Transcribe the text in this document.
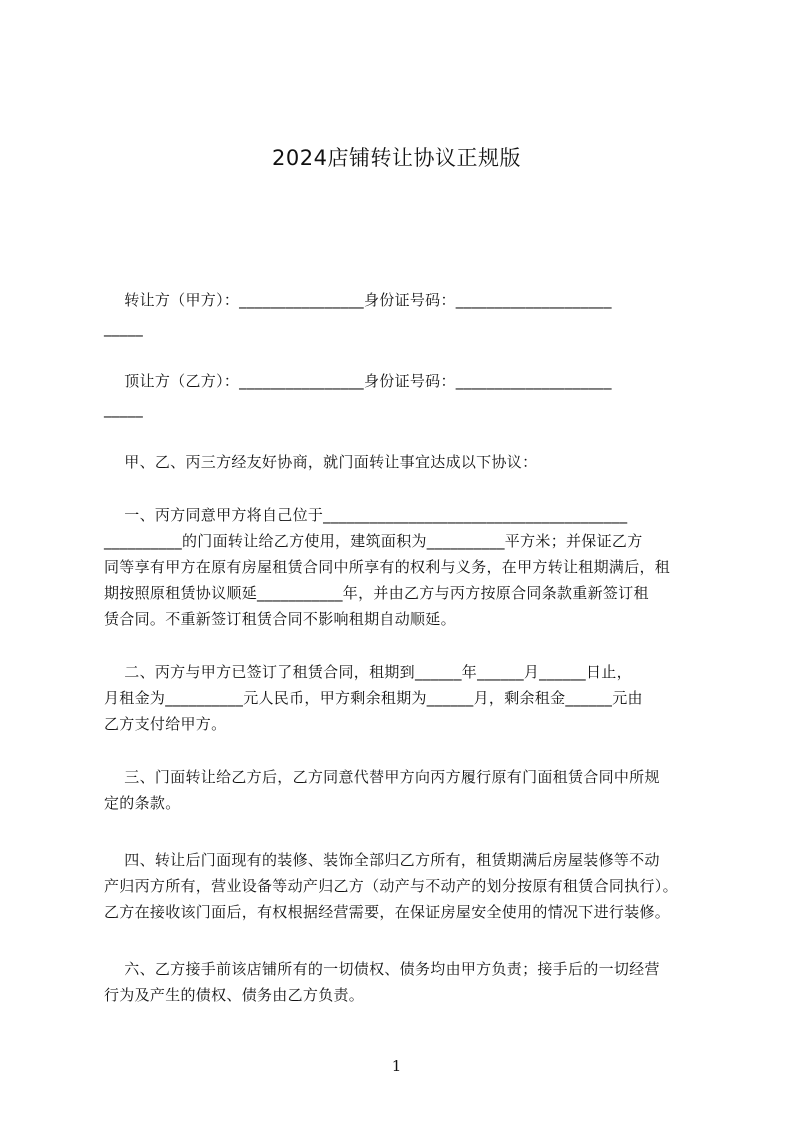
2024店铺转让协议正规版
转让方（甲方）：________________身份证号码：____________________
_____
顶让方（乙方）：________________身份证号码：____________________
_____
甲、乙、丙三方经友好协商，就门面转让事宜达成以下协议：
一、丙方同意甲方将自己位于_______________________________________
__________的门面转让给乙方使用，建筑面积为__________平方米；并保证乙方
同等享有甲方在原有房屋租赁合同中所享有的权利与义务，在甲方转让租期满后，租
期按照原租赁协议顺延___________年，并由乙方与丙方按原合同条款重新签订租
赁合同。不重新签订租赁合同不影响租期自动顺延。
二、丙方与甲方已签订了租赁合同，租期到______年______月______日止，
月租金为__________元人民币，甲方剩余租期为______月，剩余租金______元由
乙方支付给甲方。
三、门面转让给乙方后，乙方同意代替甲方向丙方履行原有门面租赁合同中所规
定的条款。
四、转让后门面现有的装修、装饰全部归乙方所有，租赁期满后房屋装修等不动
产归丙方所有，营业设备等动产归乙方（动产与不动产的划分按原有租赁合同执行）。
乙方在接收该门面后，有权根据经营需要，在保证房屋安全使用的情况下进行装修。
六、乙方接手前该店铺所有的一切债权、债务均由甲方负责；接手后的一切经营
行为及产生的债权、债务由乙方负责。
1
